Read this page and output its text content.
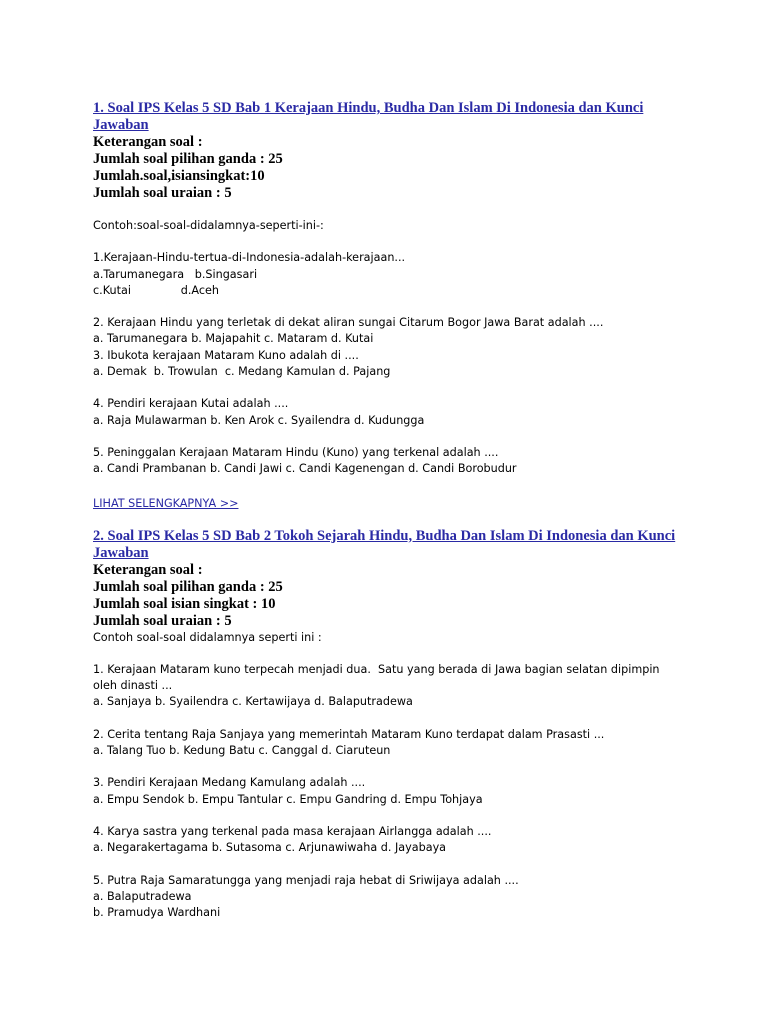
1. Soal IPS Kelas 5 SD Bab 1 Kerajaan Hindu, Budha Dan Islam Di Indonesia dan Kunci Jawaban

Keterangan soal :

Jumlah soal pilihan ganda : 25

Jumlah.soal,isiansingkat:10

Jumlah soal uraian : 5

Contoh:soal-soal-didalamnya-seperti-ini-:

1.Kerajaan-Hindu-tertua-di-Indonesia-adalah-kerajaan...

a.Tarumanegara   b.Singasari

c.Kutai              d.Aceh

2. Kerajaan Hindu yang terletak di dekat aliran sungai Citarum Bogor Jawa Barat adalah ....

a. Tarumanegara b. Majapahit c. Mataram d. Kutai

3. Ibukota kerajaan Mataram Kuno adalah di ....

a. Demak  b. Trowulan  c. Medang Kamulan d. Pajang

4. Pendiri kerajaan Kutai adalah ....

a. Raja Mulawarman b. Ken Arok c. Syailendra d. Kudungga

5. Peninggalan Kerajaan Mataram Hindu (Kuno) yang terkenal adalah ....

a. Candi Prambanan b. Candi Jawi c. Candi Kagenengan d. Candi Borobudur

LIHAT SELENGKAPNYA >>
2. Soal IPS Kelas 5 SD Bab 2 Tokoh Sejarah Hindu, Budha Dan Islam Di Indonesia dan Kunci Jawaban

Keterangan soal :

Jumlah soal pilihan ganda : 25

Jumlah soal isian singkat : 10

Jumlah soal uraian : 5

Contoh soal-soal didalamnya seperti ini :

1. Kerajaan Mataram kuno terpecah menjadi dua.  Satu yang berada di Jawa bagian selatan dipimpin

oleh dinasti ...

a. Sanjaya b. Syailendra c. Kertawijaya d. Balaputradewa

2. Cerita tentang Raja Sanjaya yang memerintah Mataram Kuno terdapat dalam Prasasti ...

a. Talang Tuo b. Kedung Batu c. Canggal d. Ciaruteun

3. Pendiri Kerajaan Medang Kamulang adalah ....

a. Empu Sendok b. Empu Tantular c. Empu Gandring d. Empu Tohjaya

4. Karya sastra yang terkenal pada masa kerajaan Airlangga adalah ....

a. Negarakertagama b. Sutasoma c. Arjunawiwaha d. Jayabaya

5. Putra Raja Samaratungga yang menjadi raja hebat di Sriwijaya adalah ....

a. Balaputradewa

b. Pramudya Wardhani
